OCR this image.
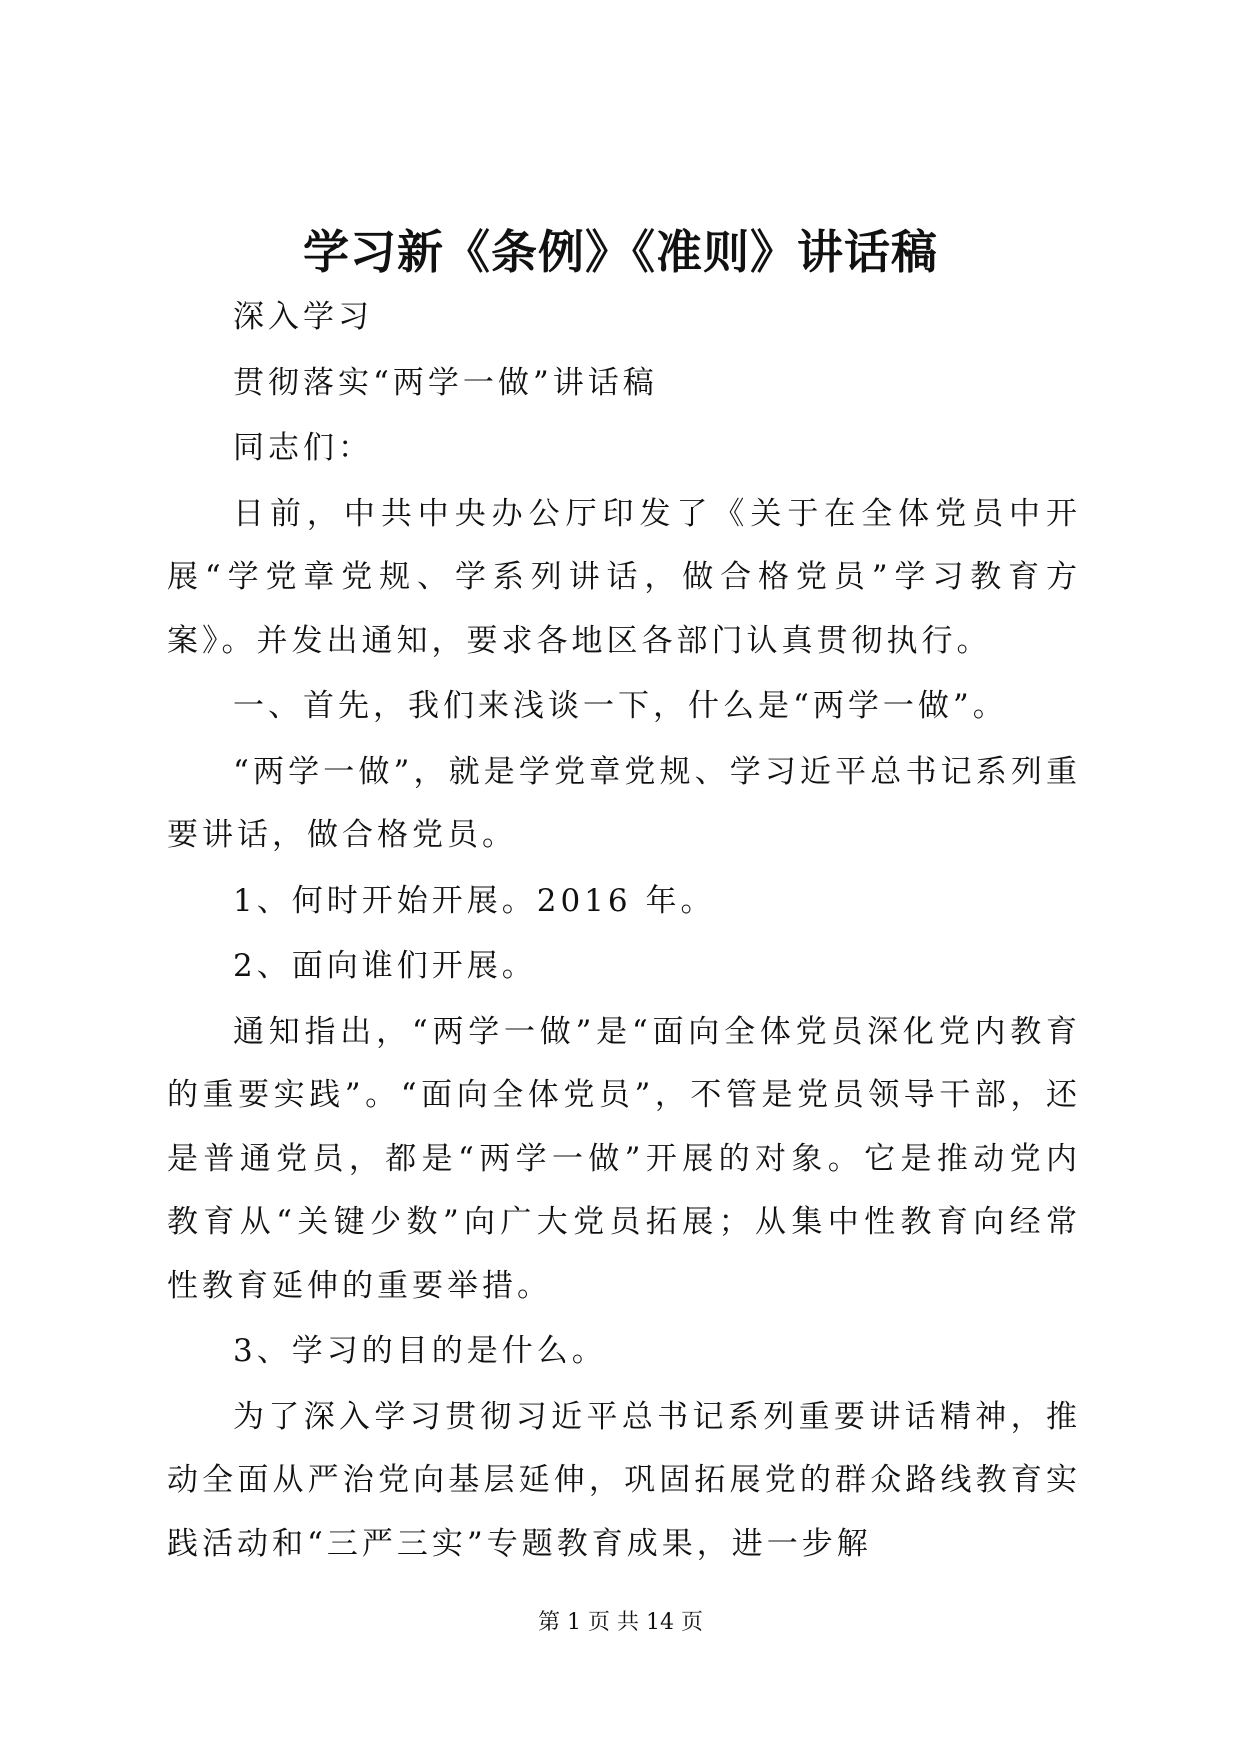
学习新《条例》《准则》讲话稿

深入学习

贯彻落实“两学一做”讲话稿

同志们：

日前，中共中央办公厅印发了《关于在全体党员中开展“学党章党规、学系列讲话，做合格党员”学习教育方案》。并发出通知，要求各地区各部门认真贯彻执行。

一、首先，我们来浅谈一下，什么是“两学一做”。

“两学一做”，就是学党章党规、学习近平总书记系列重要讲话，做合格党员。

1、何时开始开展。2016 年。

2、面向谁们开展。

通知指出，“两学一做”是“面向全体党员深化党内教育的重要实践”。“面向全体党员”，不管是党员领导干部，还是普通党员，都是“两学一做”开展的对象。它是推动党内教育从“关键少数”向广大党员拓展；从集中性教育向经常性教育延伸的重要举措。

3、学习的目的是什么。

为了深入学习贯彻习近平总书记系列重要讲话精神，推动全面从严治党向基层延伸，巩固拓展党的群众路线教育实践活动和“三严三实”专题教育成果，进一步解

第 1 页 共 14 页
